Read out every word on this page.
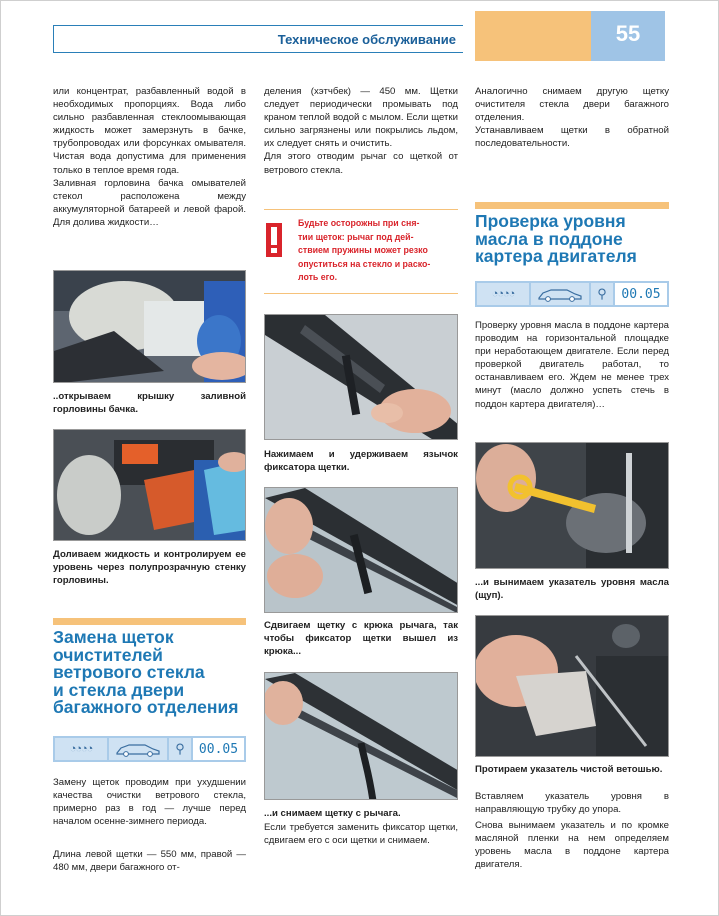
Техническое обслуживание	55

или концентрат, разбавленный водой в необходимых пропорциях. Вода либо сильно разбавленная стеклоомывающая жидкость может замерзнуть в бачке, трубопроводах или форсунках омывателя. Чистая вода допустима для применения только в теплое время года.

Заливная горловина бачка омывателей стекол расположена между аккумуляторной батареей и левой фарой. Для долива жидкости…

..открываем крышку заливной горловины бачка.

Доливаем жидкость и контролируем ее уровень через полупрозрачную стенку горловины.

Замена щеток
очистителей
ветрового стекла
и стекла двери
багажного отделения
◔◔◔◔	⚲	00.05

Замену щеток проводим при ухудшении качества очистки ветрового стекла, примерно раз в год — лучше перед началом осенне-зимнего периода.

Длина левой щетки — 550 мм, правой — 480 мм, двери багажного от-

деления (хэтчбек) — 450 мм. Щетки следует периодически промывать под краном теплой водой с мылом. Если щетки сильно загрязнены или покрылись льдом, их следует снять и очистить.

Для этого отводим рычаг со щеткой от ветрового стекла.

Будьте осторожны при сня-
тии щеток: рычаг под дей-
ствием пружины может резко
опуститься на стекло и раско-
лоть его.

Нажимаем и удерживаем язычок фиксатора щетки.

Сдвигаем щетку с крюка рычага, так чтобы фиксатор щетки вышел из крюка...

...и снимаем щетку с рычага.

Если требуется заменить фиксатор щетки, сдвигаем его с оси щетки и снимаем.

Аналогично снимаем другую щетку очистителя стекла двери багажного отделения.

Устанавливаем щетки в обратной последовательности.

Проверка уровня
масла в поддоне
картера двигателя
◔◔◔◔	⚲	00.05

Проверку уровня масла в поддоне картера проводим на горизонтальной площадке при неработающем двигателе. Если перед проверкой двигатель работал, то останавливаем его. Ждем не менее трех минут (масло должно успеть стечь в поддон картера двигателя)…

...и вынимаем указатель уровня масла (щуп).

Протираем указатель чистой ветошью.

Вставляем указатель уровня в направляющую трубку до упора.

Снова вынимаем указатель и по кромке масляной пленки на нем определяем уровень масла в поддоне картера двигателя.
